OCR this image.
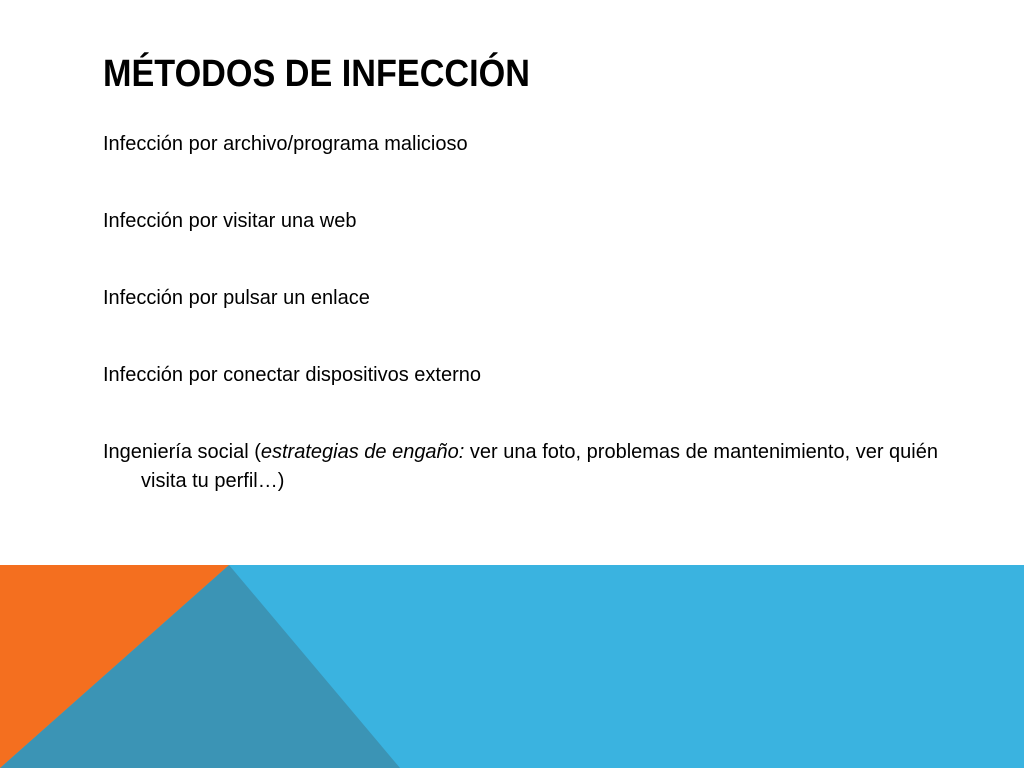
MÉTODOS DE INFECCIÓN
Infección por archivo/programa malicioso
Infección por visitar una web
Infección por pulsar un enlace
Infección por conectar dispositivos externo
Ingeniería social (estrategias de engaño: ver una foto, problemas de mantenimiento, ver quién visita tu perfil…)
